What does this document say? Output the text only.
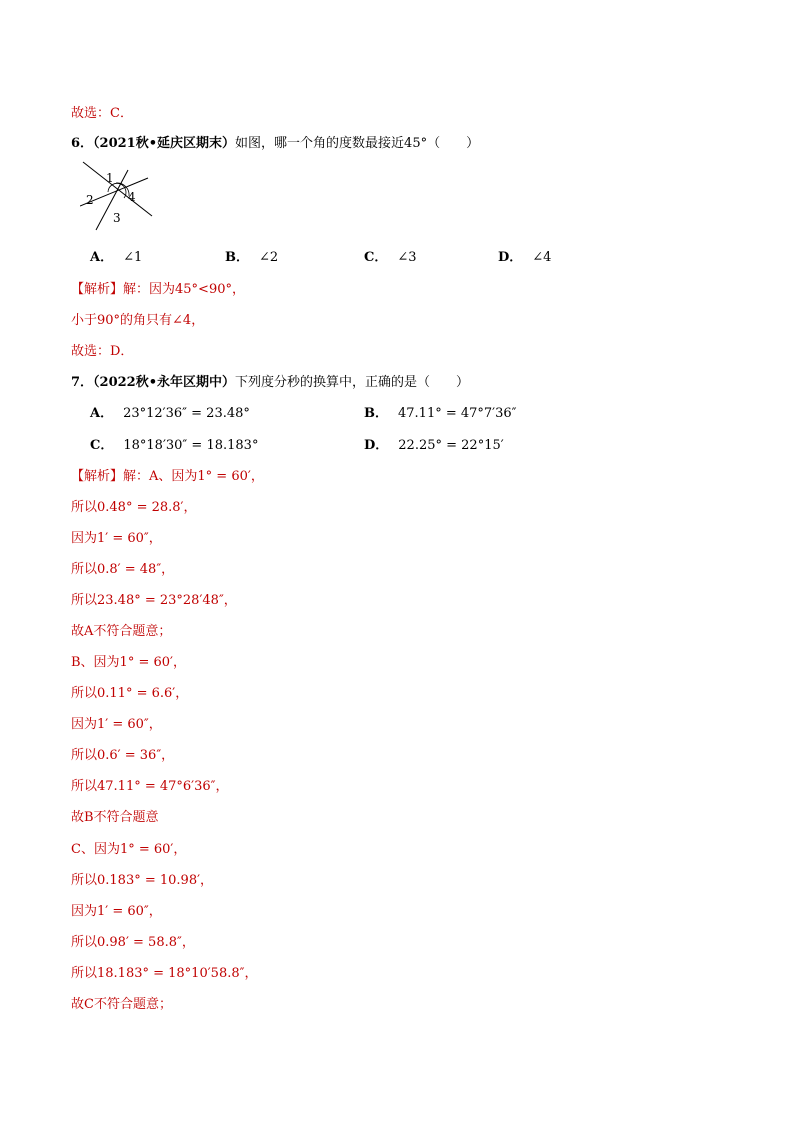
故选：C．
6．（2021秋•延庆区期末）如图，哪一个角的度数最接近45°（　　）
1
2
3
4
A． ∠1	B． ∠2	C． ∠3	D． ∠4
【解析】解：因为45°<90°，
小于90°的角只有∠4，
故选：D．
7．（2022秋•永年区期中）下列度分秒的换算中，正确的是（　　）
A． 23°12′36″ = 23.48°	B． 47.11° = 47°7′36″
C． 18°18′30″ = 18.183°	D． 22.25° = 22°15′
【解析】解：A、因为1° = 60′，
所以0.48° = 28.8′，
因为1′ = 60″，
所以0.8′ = 48″，
所以23.48° = 23°28′48″，
故A不符合题意；
B、因为1° = 60′，
所以0.11° = 6.6′，
因为1′ = 60″，
所以0.6′ = 36″，
所以47.11° = 47°6′36″，
故B不符合题意
C、因为1° = 60′，
所以0.183° = 10.98′，
因为1′ = 60″，
所以0.98′ = 58.8″，
所以18.183° = 18°10′58.8″，
故C不符合题意；
